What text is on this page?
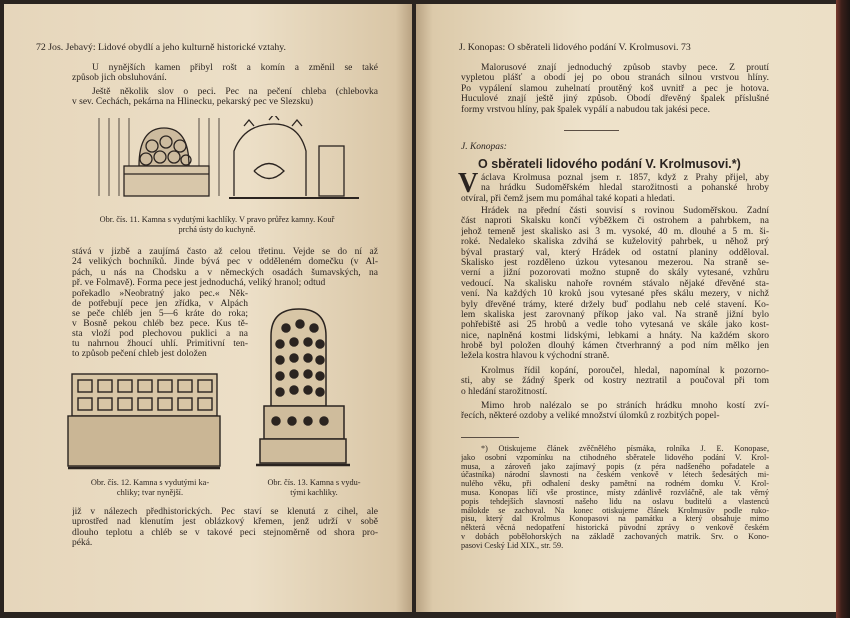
72 Jos. Jebavý: Lidové obydlí a jeho kulturně historické vztahy.
U nynějších kamen přibyl rošt a komín a změnil se také
způsob jich obsluhování.
Ještě několik slov o peci. Pec na pečení chleba (chlebovka
v sev. Čechách, pekárna na Hlinecku, pekarský pec ve Slezsku)
Obr. čís. 11. Kamna s vydutými kachlíky. V pravo průřez kamny. Kouř
prchá ústy do kuchyně.
stává v jizbě a zaujímá často až celou třetinu. Vejde se do ní až
24 velikých bochníků. Jinde bývá pec v odděleném domečku (v Al-
pách, u nás na Chodsku a v německých osadách šumavských, na
př. ve Folmavě). Forma pece jest jednoduchá, veliký hranol; odtud
pořekadlo »Neobratný jako pec.« Něk-
de potřebují pece jen zřídka, v Alpách
se peče chléb jen 5—6 kráte do roka;
v Bosně pekou chléb bez pece. Kus tě-
sta vloží pod plechovou puklici a na
tu nahrnou žhoucí uhlí. Primitivní ten-
to způsob pečení chleb jest doložen
Obr. čís. 12. Kamna s vydutými ka-
chliky; tvar nynější.
Obr. čís. 13. Kamna s vydu-
tými kachliky.
již v nálezech předhistorických. Pec staví se klenutá z cihel, ale
uprostřed nad klenutím jest oblázkový křemen, jenž udrží v sobě
dlouho teplotu a chléb se v takové peci stejnoměrně od shora pro-
péká.
J. Konopas: O sběrateli lidového podání V. Krolmusovi. 73
Malorusové znají jednoduchý způsob stavby pece. Z proutí
vypletou plášť a obodí jej po obou stranách silnou vrstvou hlíny.
Po vypálení slamou zuhelnatí proutěný koš uvnitř a pec je hotova.
Huculové znají ještě jiný způsob. Obodí dřevěný špalek příslušné
formy vrstvou hlíny, pak špalek vypálí a nabudou tak jakési pece.
J. Konopas:
O sběrateli lidového podání V. Krolmusovi.*)
V áclava Krolmusa poznal jsem r. 1857, když z Prahy přijel, aby
na hrádku Sudoměřském hledal starožitnosti a pohanské hroby
otvíral, při čemž jsem mu pomáhal také kopati a hledati.
Hrádek na přední části souvisí s rovinou Sudoměřskou. Zadní
část naproti Skalsku končí výběžkem či ostrohem a pahrbkem, na
jehož temeně jest skalisko asi 3 m. vysoké, 40 m. dlouhé a 5 m. ši-
roké. Nedaleko skaliska zdvihá se kuželovitý pahrbek, u něhož prý
býval prastarý val, který Hrádek od ostatní planiny odděloval.
Skalisko jest rozděleno úzkou vytesanou mezerou. Na straně se-
verní a jižní pozorovati možno stupně do skály vytesané, vzhůru
vedoucí. Na skalisku nahoře rovném stávalo nějaké dřevěné sta-
vení. Na každých 10 kroků jsou vytesané přes skálu mezery, v nichž
byly dřevěné trámy, které držely buď podlahu neb celé stavení. Ko-
lem skaliska jest zarovnaný příkop jako val. Na straně jižní bylo
pohřebiště asi 25 hrobů a vedle toho vytesaná ve skále jako kost-
nice, naplněná kostmi lidskými, lebkami a hnáty. Na každém skoro
hrobě byl položen dlouhý kámen čtverhranný a pod ním mělko jen
ležela kostra hlavou k východní straně.
Krolmus řídil kopání, poroučel, hledal, napomínal k pozorno-
sti, aby se žádný šperk od kostry neztratil a poučoval při tom
o hledání starožitností.
Mimo hrob nalézalo se po stráních hrádku mnoho kostí zví-
řecích, některé ozdoby a veliké množství úlomků z rozbitých popel-
*) Otiskujeme článek zvěčnělého písmáka, rolníka J. E. Konopase,
jako osobní vzpomínku na ctihodného sběratele lidového podání V. Krol-
musa, a zároveň jako zajímavý popis (z péra nadšeného pořadatele a
účastníka) národní slavnosti na českém venkově v létech šedesátých mi-
nulého věku, při odhalení desky pamětní na rodném domku V. Krol-
musa. Konopas líčí vše prostince, místy zdánlivě rozvláčně, ale tak věrný
popis tehdejších slavností našeho lidu na oslavu buditelů a vlastenců
málokde se zachoval. Na konec otiskujeme článek Krolmusův podle ruko-
pisu, který dal Krolmus Konopasovi na památku a který obsahuje mimo
některá věcná nedopatření historická původní zprávy o venkově českém
v dobách pobělohorských na základě zachovaných matrik. Srv. o Kono-
pasovi Český Lid XIX., str. 59.
